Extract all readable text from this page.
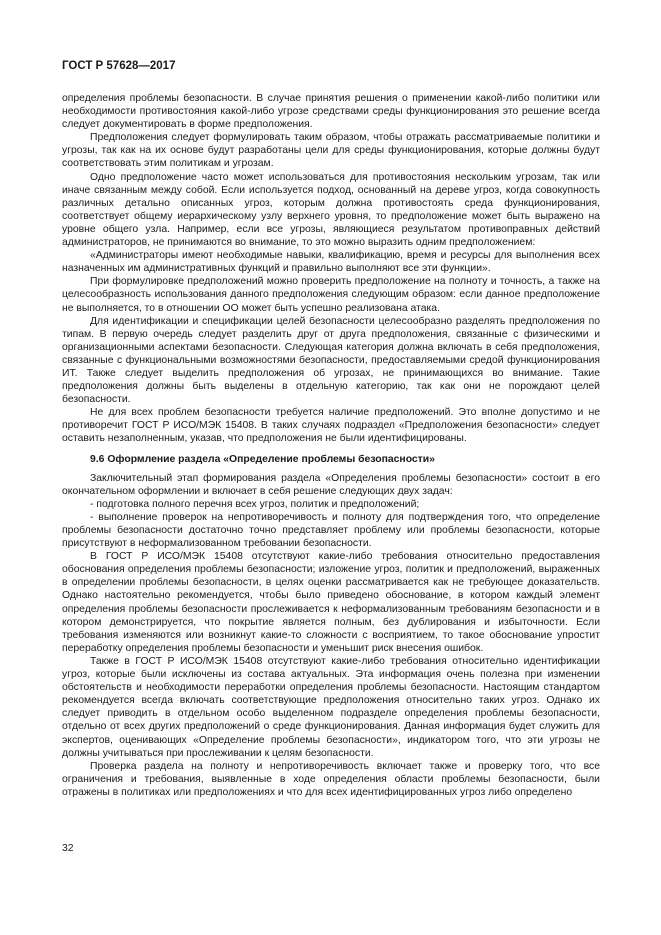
ГОСТ Р 57628—2017

определения проблемы безопасности. В случае принятия решения о применении какой-либо политики или необходимости противостояния какой-либо угрозе средствами среды функционирования это решение всегда следует документировать в форме предположения.

Предположения следует формулировать таким образом, чтобы отражать рассматриваемые политики и угрозы, так как на их основе будут разработаны цели для среды функционирования, которые должны будут соответствовать этим политикам и угрозам.

Одно предположение часто может использоваться для противостояния нескольким угрозам, так или иначе связанным между собой. Если используется подход, основанный на дереве угроз, когда совокупность различных детально описанных угроз, которым должна противостоять среда функционирования, соответствует общему иерархическому узлу верхнего уровня, то предположение может быть выражено на уровне общего узла. Например, если все угрозы, являющиеся результатом противоправных действий администраторов, не принимаются во внимание, то это можно выразить одним предположением:

«Администраторы имеют необходимые навыки, квалификацию, время и ресурсы для выполнения всех назначенных им административных функций и правильно выполняют все эти функции».

При формулировке предположений можно проверить предположение на полноту и точность, а также на целесообразность использования данного предположения следующим образом: если данное предположение не выполняется, то в отношении ОО может быть успешно реализована атака.

Для идентификации и спецификации целей безопасности целесообразно разделять предположения по типам. В первую очередь следует разделить друг от друга предположения, связанные с физическими и организационными аспектами безопасности. Следующая категория должна включать в себя предположения, связанные с функциональными возможностями безопасности, предоставляемыми средой функционирования ИТ. Также следует выделить предположения об угрозах, не принимающихся во внимание. Такие предположения должны быть выделены в отдельную категорию, так как они не порождают целей безопасности.

Не для всех проблем безопасности требуется наличие предположений. Это вполне допустимо и не противоречит ГОСТ Р ИСО/МЭК 15408. В таких случаях подраздел «Предположения безопасности» следует оставить незаполненным, указав, что предположения не были идентифицированы.

9.6 Оформление раздела «Определение проблемы безопасности»

Заключительный этап формирования раздела «Определения проблемы безопасности» состоит в его окончательном оформлении и включает в себя решение следующих двух задач:

- подготовка полного перечня всех угроз, политик и предположений;

- выполнение проверок на непротиворечивость и полноту для подтверждения того, что определение проблемы безопасности достаточно точно представляет проблему или проблемы безопасности, которые присутствуют в неформализованном требовании безопасности.

В ГОСТ Р ИСО/МЭК 15408 отсутствуют какие-либо требования относительно предоставления обоснования определения проблемы безопасности; изложение угроз, политик и предположений, выраженных в определении проблемы безопасности, в целях оценки рассматривается как не требующее доказательств. Однако настоятельно рекомендуется, чтобы было приведено обоснование, в котором каждый элемент определения проблемы безопасности прослеживается к неформализованным требованиям безопасности и в котором демонстрируется, что покрытие является полным, без дублирования и избыточности. Если требования изменяются или возникнут какие-то сложности с восприятием, то такое обоснование упростит переработку определения проблемы безопасности и уменьшит риск внесения ошибок.

Также в ГОСТ Р ИСО/МЭК 15408 отсутствуют какие-либо требования относительно идентификации угроз, которые были исключены из состава актуальных. Эта информация очень полезна при изменении обстоятельств и необходимости переработки определения проблемы безопасности. Настоящим стандартом рекомендуется всегда включать соответствующие предположения относительно таких угроз. Однако их следует приводить в отдельном особо выделенном подразделе определения проблемы безопасности, отдельно от всех других предположений о среде функционирования. Данная информация будет служить для экспертов, оценивающих «Определение проблемы безопасности», индикатором того, что эти угрозы не должны учитываться при прослеживании к целям безопасности.

Проверка раздела на полноту и непротиворечивость включает также и проверку того, что все ограничения и требования, выявленные в ходе определения области проблемы безопасности, были отражены в политиках или предположениях и что для всех идентифицированных угроз либо определено

32
